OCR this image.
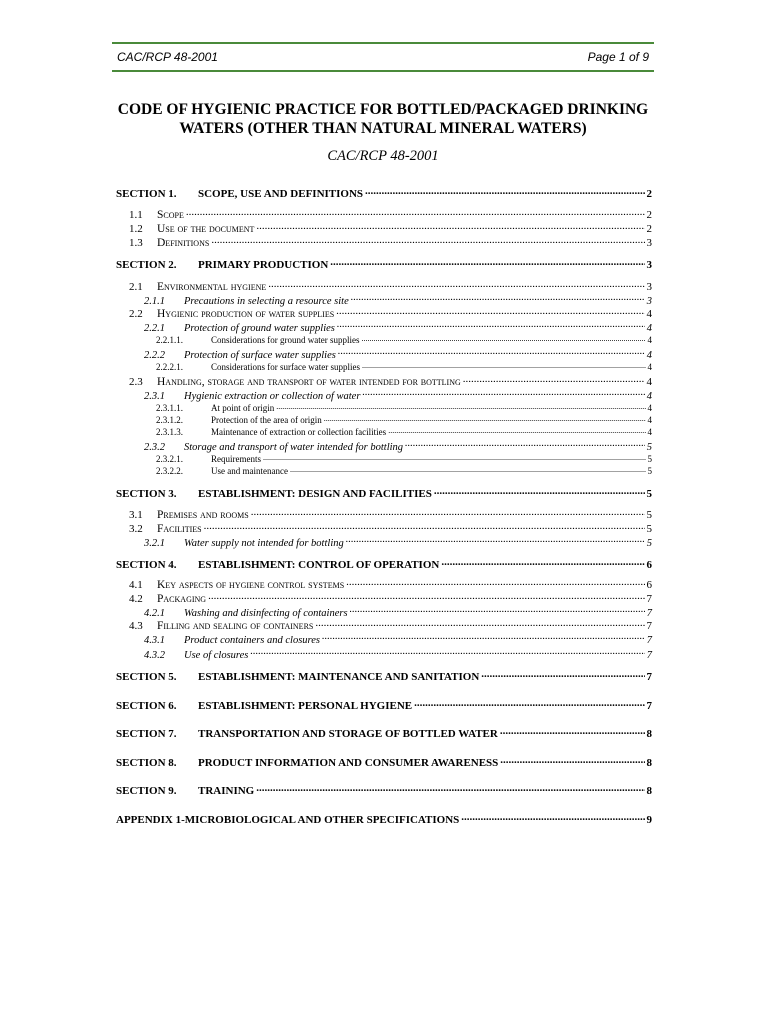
CAC/RCP 48-2001	Page 1 of 9
CODE OF HYGIENIC PRACTICE FOR BOTTLED/PACKAGED DRINKING
WATERS (OTHER THAN NATURAL MINERAL WATERS)
CAC/RCP 48-2001
SECTION 1.	SCOPE, USE AND DEFINITIONS .....	2
1.1	Scope .....	2
1.2	Use of the document .....	2
1.3	Definitions .....	3
SECTION 2.	PRIMARY PRODUCTION .....	3
2.1	Environmental hygiene .....	3
2.1.1	Precautions in selecting a resource site .....	3
2.2	Hygienic production of water supplies .....	4
2.2.1	Protection of ground water supplies .....	4
2.2.1.1.	Considerations for ground water supplies .....	4
2.2.2	Protection of surface water supplies .....	4
2.2.2.1.	Considerations for surface water supplies .....	4
2.3	Handling, storage and transport of water intended for bottling .....	4
2.3.1	Hygienic extraction or collection of water .....	4
2.3.1.1.	At point of origin .....	4
2.3.1.2.	Protection of the area of origin .....	4
2.3.1.3.	Maintenance of extraction or collection facilities .....	4
2.3.2	Storage and transport of water intended for bottling .....	5
2.3.2.1.	Requirements .....	5
2.3.2.2.	Use and maintenance .....	5
SECTION 3.	ESTABLISHMENT: DESIGN AND FACILITIES .....	5
3.1	Premises and rooms .....	5
3.2	Facilities .....	5
3.2.1	Water supply not intended for bottling .....	5
SECTION 4.	ESTABLISHMENT: CONTROL OF OPERATION .....	6
4.1	Key aspects of hygiene control systems .....	6
4.2	Packaging .....	7
4.2.1	Washing and disinfecting of containers .....	7
4.3	Filling and sealing of containers .....	7
4.3.1	Product containers and closures .....	7
4.3.2	Use of closures .....	7
SECTION 5.	ESTABLISHMENT: MAINTENANCE AND SANITATION .....	7
SECTION 6.	ESTABLISHMENT: PERSONAL HYGIENE .....	7
SECTION 7.	TRANSPORTATION AND STORAGE OF BOTTLED WATER .....	8
SECTION 8.	PRODUCT INFORMATION AND CONSUMER AWARENESS .....	8
SECTION 9.	TRAINING .....	8
APPENDIX 1-MICROBIOLOGICAL AND OTHER SPECIFICATIONS .....	9
